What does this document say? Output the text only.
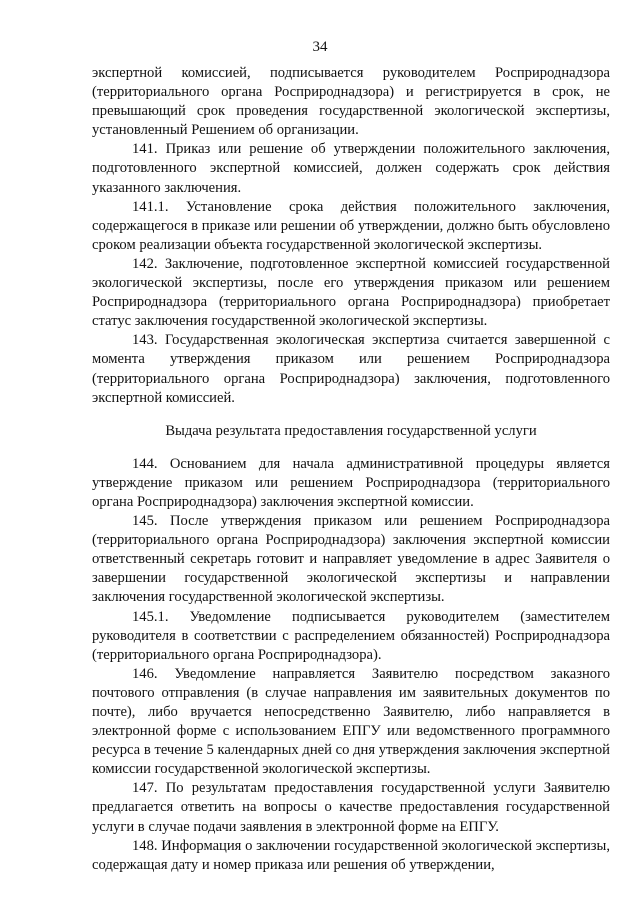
34

экспертной комиссией, подписывается руководителем Росприроднадзора (территориального органа Росприроднадзора) и регистрируется в срок, не превышающий срок проведения государственной экологической экспертизы, установленный Решением об организации.

141. Приказ или решение об утверждении положительного заключения, подготовленного экспертной комиссией, должен содержать срок действия указанного заключения.

141.1. Установление срока действия положительного заключения, содержащегося в приказе или решении об утверждении, должно быть обусловлено сроком реализации объекта государственной экологической экспертизы.

142. Заключение, подготовленное экспертной комиссией государственной экологической экспертизы, после его утверждения приказом или решением Росприроднадзора (территориального органа Росприроднадзора) приобретает статус заключения государственной экологической экспертизы.

143. Государственная экологическая экспертиза считается завершенной с момента утверждения приказом или решением Росприроднадзора (территориального органа Росприроднадзора) заключения, подготовленного экспертной комиссией.

Выдача результата предоставления государственной услуги

144. Основанием для начала административной процедуры является утверждение приказом или решением Росприроднадзора (территориального органа Росприроднадзора) заключения экспертной комиссии.

145. После утверждения приказом или решением Росприроднадзора (территориального органа Росприроднадзора) заключения экспертной комиссии ответственный секретарь готовит и направляет уведомление в адрес Заявителя о завершении государственной экологической экспертизы и направлении заключения государственной экологической экспертизы.

145.1. Уведомление подписывается руководителем (заместителем руководителя в соответствии с распределением обязанностей) Росприроднадзора (территориального органа Росприроднадзора).

146. Уведомление направляется Заявителю посредством заказного почтового отправления (в случае направления им заявительных документов по почте), либо вручается непосредственно Заявителю, либо направляется в электронной форме с использованием ЕПГУ или ведомственного программного ресурса в течение 5 календарных дней со дня утверждения заключения экспертной комиссии государственной экологической экспертизы.

147. По результатам предоставления государственной услуги Заявителю предлагается ответить на вопросы о качестве предоставления государственной услуги в случае подачи заявления в электронной форме на ЕПГУ.

148. Информация о заключении государственной экологической экспертизы, содержащая дату и номер приказа или решения об утверждении,
